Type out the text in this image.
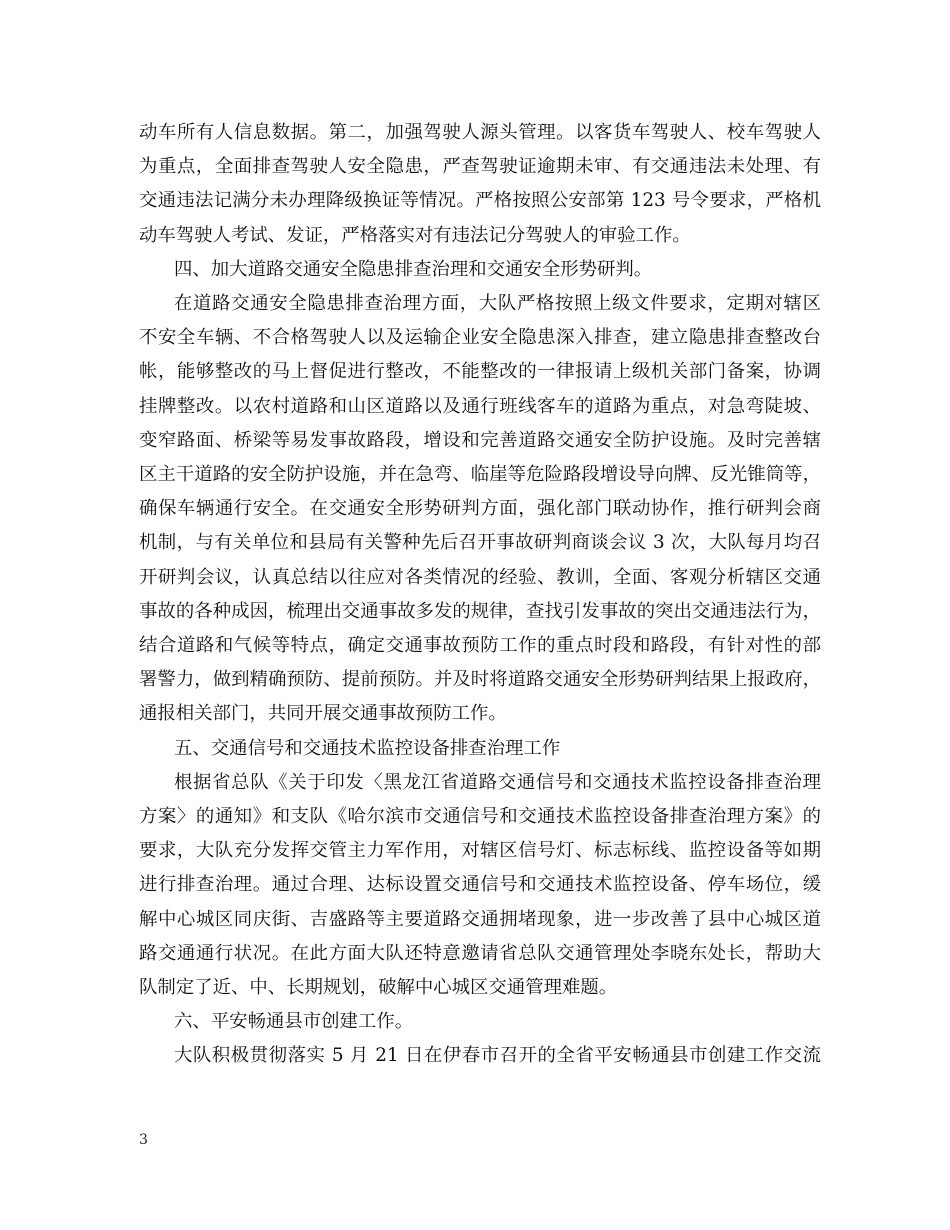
动车所有人信息数据。第二，加强驾驶人源头管理。以客货车驾驶人、校车驾驶人
为重点，全面排查驾驶人安全隐患，严查驾驶证逾期未审、有交通违法未处理、有
交通违法记满分未办理降级换证等情况。严格按照公安部第 123 号令要求，严格机
动车驾驶人考试、发证，严格落实对有违法记分驾驶人的审验工作。
四、加大道路交通安全隐患排查治理和交通安全形势研判。
在道路交通安全隐患排查治理方面，大队严格按照上级文件要求，定期对辖区
不安全车辆、不合格驾驶人以及运输企业安全隐患深入排查，建立隐患排查整改台
帐，能够整改的马上督促进行整改，不能整改的一律报请上级机关部门备案，协调
挂牌整改。以农村道路和山区道路以及通行班线客车的道路为重点，对急弯陡坡、
变窄路面、桥梁等易发事故路段，增设和完善道路交通安全防护设施。及时完善辖
区主干道路的安全防护设施，并在急弯、临崖等危险路段增设导向牌、反光锥筒等，
确保车辆通行安全。在交通安全形势研判方面，强化部门联动协作，推行研判会商
机制，与有关单位和县局有关警种先后召开事故研判商谈会议 3 次，大队每月均召
开研判会议，认真总结以往应对各类情况的经验、教训，全面、客观分析辖区交通
事故的各种成因，梳理出交通事故多发的规律，查找引发事故的突出交通违法行为，
结合道路和气候等特点，确定交通事故预防工作的重点时段和路段，有针对性的部
署警力，做到精确预防、提前预防。并及时将道路交通安全形势研判结果上报政府，
通报相关部门，共同开展交通事故预防工作。
五、交通信号和交通技术监控设备排查治理工作
根据省总队《关于印发〈黑龙江省道路交通信号和交通技术监控设备排查治理
方案〉的通知》和支队《哈尔滨市交通信号和交通技术监控设备排查治理方案》的
要求，大队充分发挥交管主力军作用，对辖区信号灯、标志标线、监控设备等如期
进行排查治理。通过合理、达标设置交通信号和交通技术监控设备、停车场位，缓
解中心城区同庆街、吉盛路等主要道路交通拥堵现象，进一步改善了县中心城区道
路交通通行状况。在此方面大队还特意邀请省总队交通管理处李晓东处长，帮助大
队制定了近、中、长期规划，破解中心城区交通管理难题。
六、平安畅通县市创建工作。
大队积极贯彻落实 5 月 21 日在伊春市召开的全省平安畅通县市创建工作交流
3
